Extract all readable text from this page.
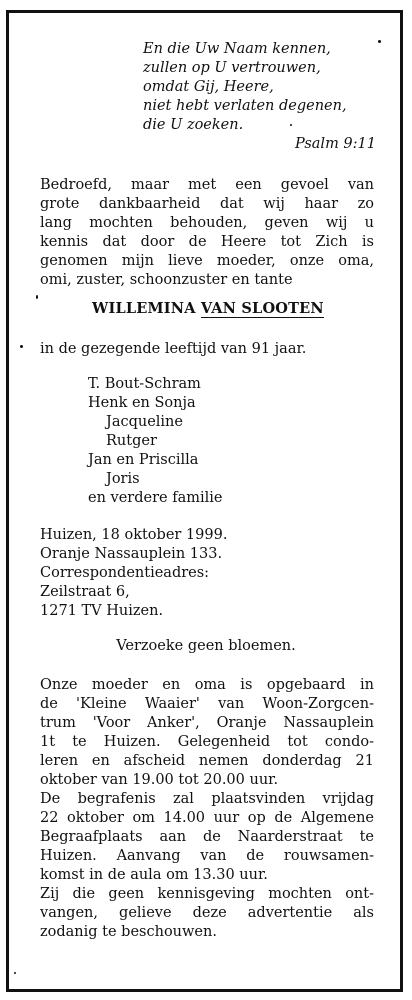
En die Uw Naam kennen,
zullen op U vertrouwen,
omdat Gij, Heere,
niet hebt verlaten degenen,
die U zoeken.
Psalm 9:11
Bedroefd, maar met een gevoel van
grote dankbaarheid dat wij haar zo
lang mochten behouden, geven wij u
kennis dat door de Heere tot Zich is
genomen mijn lieve moeder, onze oma,
omi, zuster, schoonzuster en tante
WILLEMINA VAN SLOOTEN
in de gezegende leeftijd van 91 jaar.
T. Bout-Schram
Henk en Sonja
Jacqueline
Rutger
Jan en Priscilla
Joris
en verdere familie
Huizen, 18 oktober 1999.
Oranje Nassauplein 133.
Correspondentieadres:
Zeilstraat 6,
1271 TV Huizen.
Verzoeke geen bloemen.
Onze moeder en oma is opgebaard in
de 'Kleine Waaier' van Woon-Zorgcen-
trum 'Voor Anker', Oranje Nassauplein
1t te Huizen. Gelegenheid tot condo-
leren en afscheid nemen donderdag 21
oktober van 19.00 tot 20.00 uur.
De begrafenis zal plaatsvinden vrijdag
22 oktober om 14.00 uur op de Algemene
Begraafplaats aan de Naarderstraat te
Huizen. Aanvang van de rouwsamen-
komst in de aula om 13.30 uur.
Zij die geen kennisgeving mochten ont-
vangen, gelieve deze advertentie als
zodanig te beschouwen.
